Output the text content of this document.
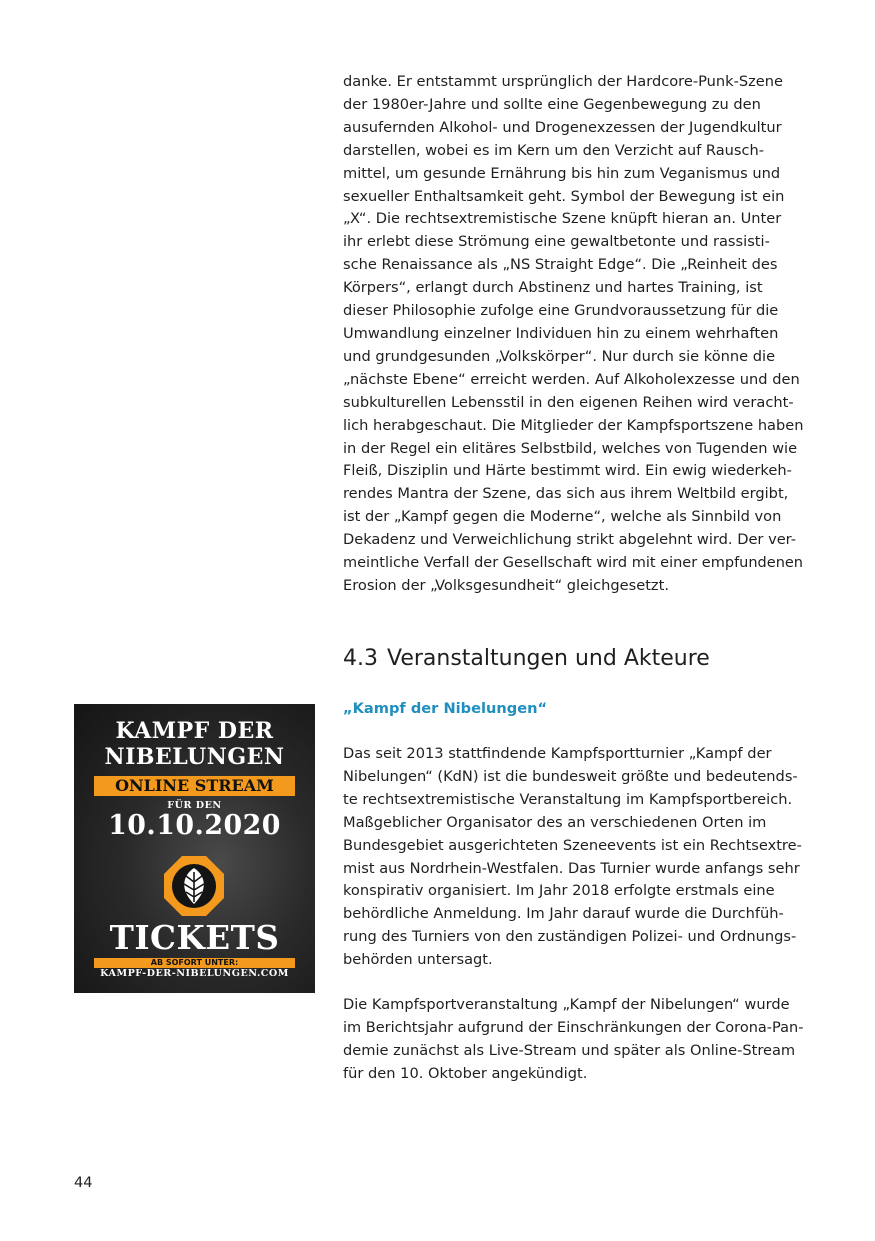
danke. Er entstammt ursprünglich der Hardcore-Punk-Szene
der 1980er-Jahre und sollte eine Gegenbewegung zu den
ausufernden Alkohol- und Drogenexzessen der Jugendkultur
darstellen, wobei es im Kern um den Verzicht auf Rausch-
mittel, um gesunde Ernährung bis hin zum Veganismus und
sexueller Enthaltsamkeit geht. Symbol der Bewegung ist ein
„X“. Die rechtsextremistische Szene knüpft hieran an. Unter
ihr erlebt diese Strömung eine gewaltbetonte und rassisti-
sche Renaissance als „NS Straight Edge“. Die „Reinheit des
Körpers“, erlangt durch Abstinenz und hartes Training, ist
dieser Philosophie zufolge eine Grundvoraussetzung für die
Umwandlung einzelner Individuen hin zu einem wehrhaften
und grundgesunden „Volkskörper“. Nur durch sie könne die
„nächste Ebene“ erreicht werden. Auf Alkoholexzesse und den
subkulturellen Lebensstil in den eigenen Reihen wird veracht-
lich herabgeschaut. Die Mitglieder der Kampfsportszene haben
in der Regel ein elitäres Selbstbild, welches von Tugenden wie
Fleiß, Disziplin und Härte bestimmt wird. Ein ewig wiederkeh-
rendes Mantra der Szene, das sich aus ihrem Weltbild ergibt,
ist der „Kampf gegen die Moderne“, welche als Sinnbild von
Dekadenz und Verweichlichung strikt abgelehnt wird. Der ver-
meintliche Verfall der Gesellschaft wird mit einer empfundenen
Erosion der „Volksgesundheit“ gleichgesetzt.
4.3 Veranstaltungen und Akteure
„Kampf der Nibelungen“
Das seit 2013 stattfindende Kampfsportturnier „Kampf der
Nibelungen“ (KdN) ist die bundesweit größte und bedeutends-
te rechtsextremistische Veranstaltung im Kampfsportbereich.
Maßgeblicher Organisator des an verschiedenen Orten im
Bundesgebiet ausgerichteten Szeneevents ist ein Rechtsextre-
mist aus Nordrhein-Westfalen. Das Turnier wurde anfangs sehr
konspirativ organisiert. Im Jahr 2018 erfolgte erstmals eine
behördliche Anmeldung. Im Jahr darauf wurde die Durchfüh-
rung des Turniers von den zuständigen Polizei- und Ordnungs-
behörden untersagt.
Die Kampfsportveranstaltung „Kampf der Nibelungen“ wurde
im Berichtsjahr aufgrund der Einschränkungen der Corona-Pan-
demie zunächst als Live-Stream und später als Online-Stream
für den 10. Oktober angekündigt.
KAMPF DER
NIBELUNGEN
ONLINE STREAM
FÜR DEN
10.10.2020
TICKETS
AB SOFORT UNTER:
KAMPF-DER-NIBELUNGEN.COM
44
